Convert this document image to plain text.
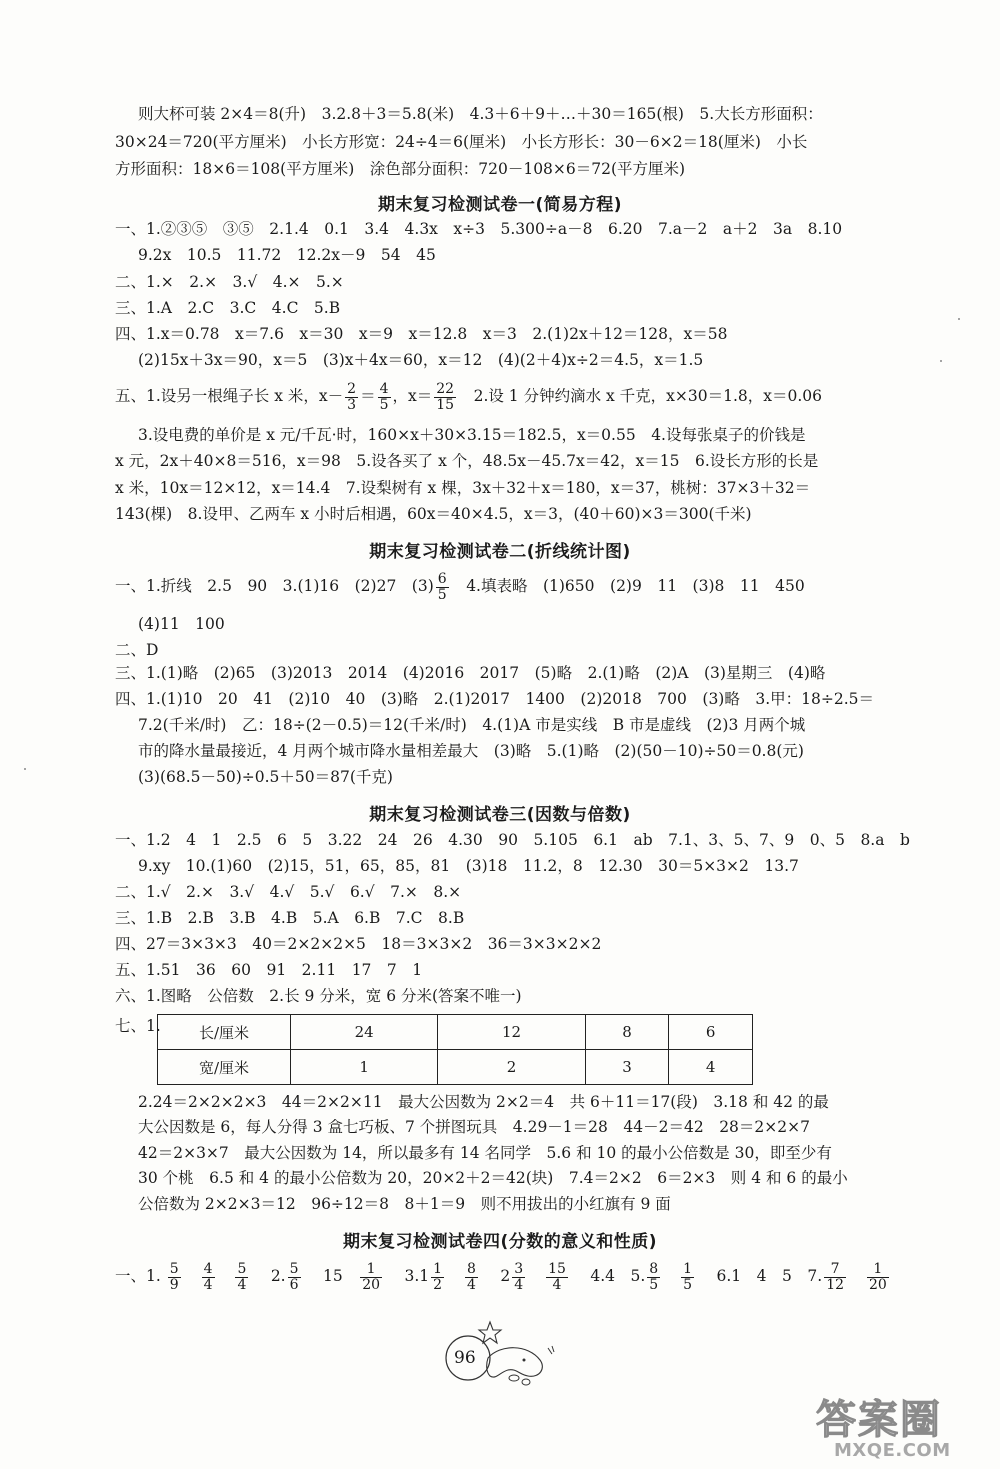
则大杯可装 2×4＝8(升)　3.2.8＋3＝5.8(米)　4.3＋6＋9＋…＋30＝165(根)　5.大长方形面积：
30×24＝720(平方厘米)　小长方形宽：24÷4＝6(厘米)　小长方形长：30－6×2＝18(厘米)　小长
方形面积：18×6＝108(平方厘米)　涂色部分面积：720－108×6＝72(平方厘米)
期末复习检测试卷一(简易方程)
一、1.②③⑤　③⑤　2.1.4　0.1　3.4　4.3x　x÷3　5.300÷a－8　6.20　7.a－2　a＋2　3a　8.10
9.2x　10.5　11.72　12.2x－9　54　45
二、1.×　2.×　3.√　4.×　5.×
三、1.A　2.C　3.C　4.C　5.B
四、1.x＝0.78　x＝7.6　x＝30　x＝9　x＝12.8　x＝3　2.(1)2x＋12＝128，x＝58
(2)15x＋3x＝90，x＝5　(3)x＋4x＝60，x＝12　(4)(2＋4)x÷2＝4.5，x＝1.5
五、1.设另一根绳子长 x 米，$x- \frac{2}{3} = \frac{4}{5}$ ，$x= \frac{22}{15}$ 　2.设 1 分钟约滴水 x 千克，x×30＝1.8，x＝0.06
3.设电费的单价是 x 元/千瓦·时，160×x＋30×3.15＝182.5，x＝0.55　4.设每张桌子的价钱是
x 元，2x＋40×8＝516，x＝98　5.设各买了 x 个，48.5x－45.7x＝42，x＝15　6.设长方形的长是
x 米，10x＝12×12，x＝14.4　7.设梨树有 x 棵，3x＋32＋x＝180，x＝37，桃树：37×3＋32＝
143(棵)　8.设甲、乙两车 x 小时后相遇，60x＝40×4.5，x＝3，(40＋60)×3＝300(千米)
期末复习检测试卷二(折线统计图)
一、1.折线　2.5　90　3.(1)16　(2)27　$(3) \frac{6}{5}$ 　4.填表略　(1)650　(2)9　11　(3)8　11　450
(4)11　100
二、D
三、1.(1)略　(2)65　(3)2013　2014　(4)2016　2017　(5)略　2.(1)略　(2)A　(3)星期三　(4)略
四、1.(1)10　20　41　(2)10　40　(3)略　2.(1)2017　1400　(2)2018　700　(3)略　3.甲：18÷2.5＝
7.2(千米/时)　乙：18÷(2－0.5)＝12(千米/时)　4.(1)A 市是实线　B 市是虚线　(2)3 月两个城
市的降水量最接近，4 月两个城市降水量相差最大　(3)略　5.(1)略　(2)(50－10)÷50＝0.8(元)
(3)(68.5－50)÷0.5＋50＝87(千克)
期末复习检测试卷三(因数与倍数)
一、1.2　4　1　2.5　6　5　3.22　24　26　4.30　90　5.105　6.1　ab　7.1、3、5、7、9　0、5　8.a　b
9.xy　10.(1)60　(2)15，51，65，85，81　(3)18　11.2，8　12.30　30＝5×3×2　13.7
二、1.√　2.×　3.√　4.√　5.√　6.√　7.×　8.×
三、1.B　2.B　3.B　4.B　5.A　6.B　7.C　8.B
四、27＝3×3×3　40＝2×2×2×5　18＝3×3×2　36＝3×3×2×2
五、1.51　36　60　91　2.11　17　7　1
六、1.图略　公倍数　2.长 9 分米，宽 6 分米(答案不唯一)
七、1.	长/厘米	24	12	8	6
宽/厘米	1	2	3	4
2.24＝2×2×2×3　44＝2×2×11　最大公因数为 2×2＝4　共 6＋11＝17(段)　3.18 和 42 的最
大公因数是 6，每人分得 3 盒七巧板、7 个拼图玩具　4.29－1＝28　44－2＝42　28＝2×2×7
42＝2×3×7　最大公因数为 14，所以最多有 14 名同学　5.6 和 10 的最小公倍数是 30，即至少有
30 个桃　6.5 和 4 的最小公倍数为 20，20×2＋2＝42(块)　7.4＝2×2　6＝2×3　则 4 和 6 的最小
公倍数为 2×2×3＝12　96÷12＝8　8＋1＝9　则不用拔出的小红旗有 9 面
期末复习检测试卷四(分数的意义和性质)
一、1. $\frac{5}{9}$
$\frac{4}{4}$
$\frac{5}{4}$ 　2. $\frac{5}{6}$ 　15　 $\frac{1}{20}$ 　$3.1 \frac{1}{2}$
$\frac{8}{4}$ 　$2 \frac{3}{4}$
$\frac{15}{4}$ 　4.4　5. $\frac{8}{5}$
$\frac{1}{5}$ 　6.1　4　5　7. $\frac{7}{12}$
$\frac{1}{20}$
96
答案圈
MXQE.COM
